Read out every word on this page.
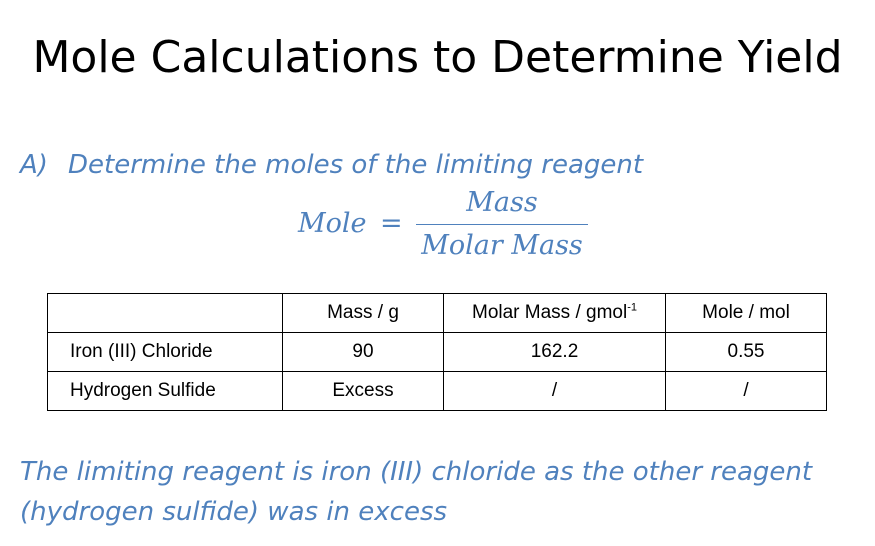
Mole Calculations to Determine Yield
A) Determine the moles of the limiting reagent
Mole =
Mass
Molar Mass
	Mass / g	Molar Mass / gmol$^{-1}$	Mole / mol
Iron (III) Chloride	90	162.2	0.55
Hydrogen Sulfide	Excess	/	/
The limiting reagent is iron (III) chloride as the other reagent
(hydrogen sulfide) was in excess
